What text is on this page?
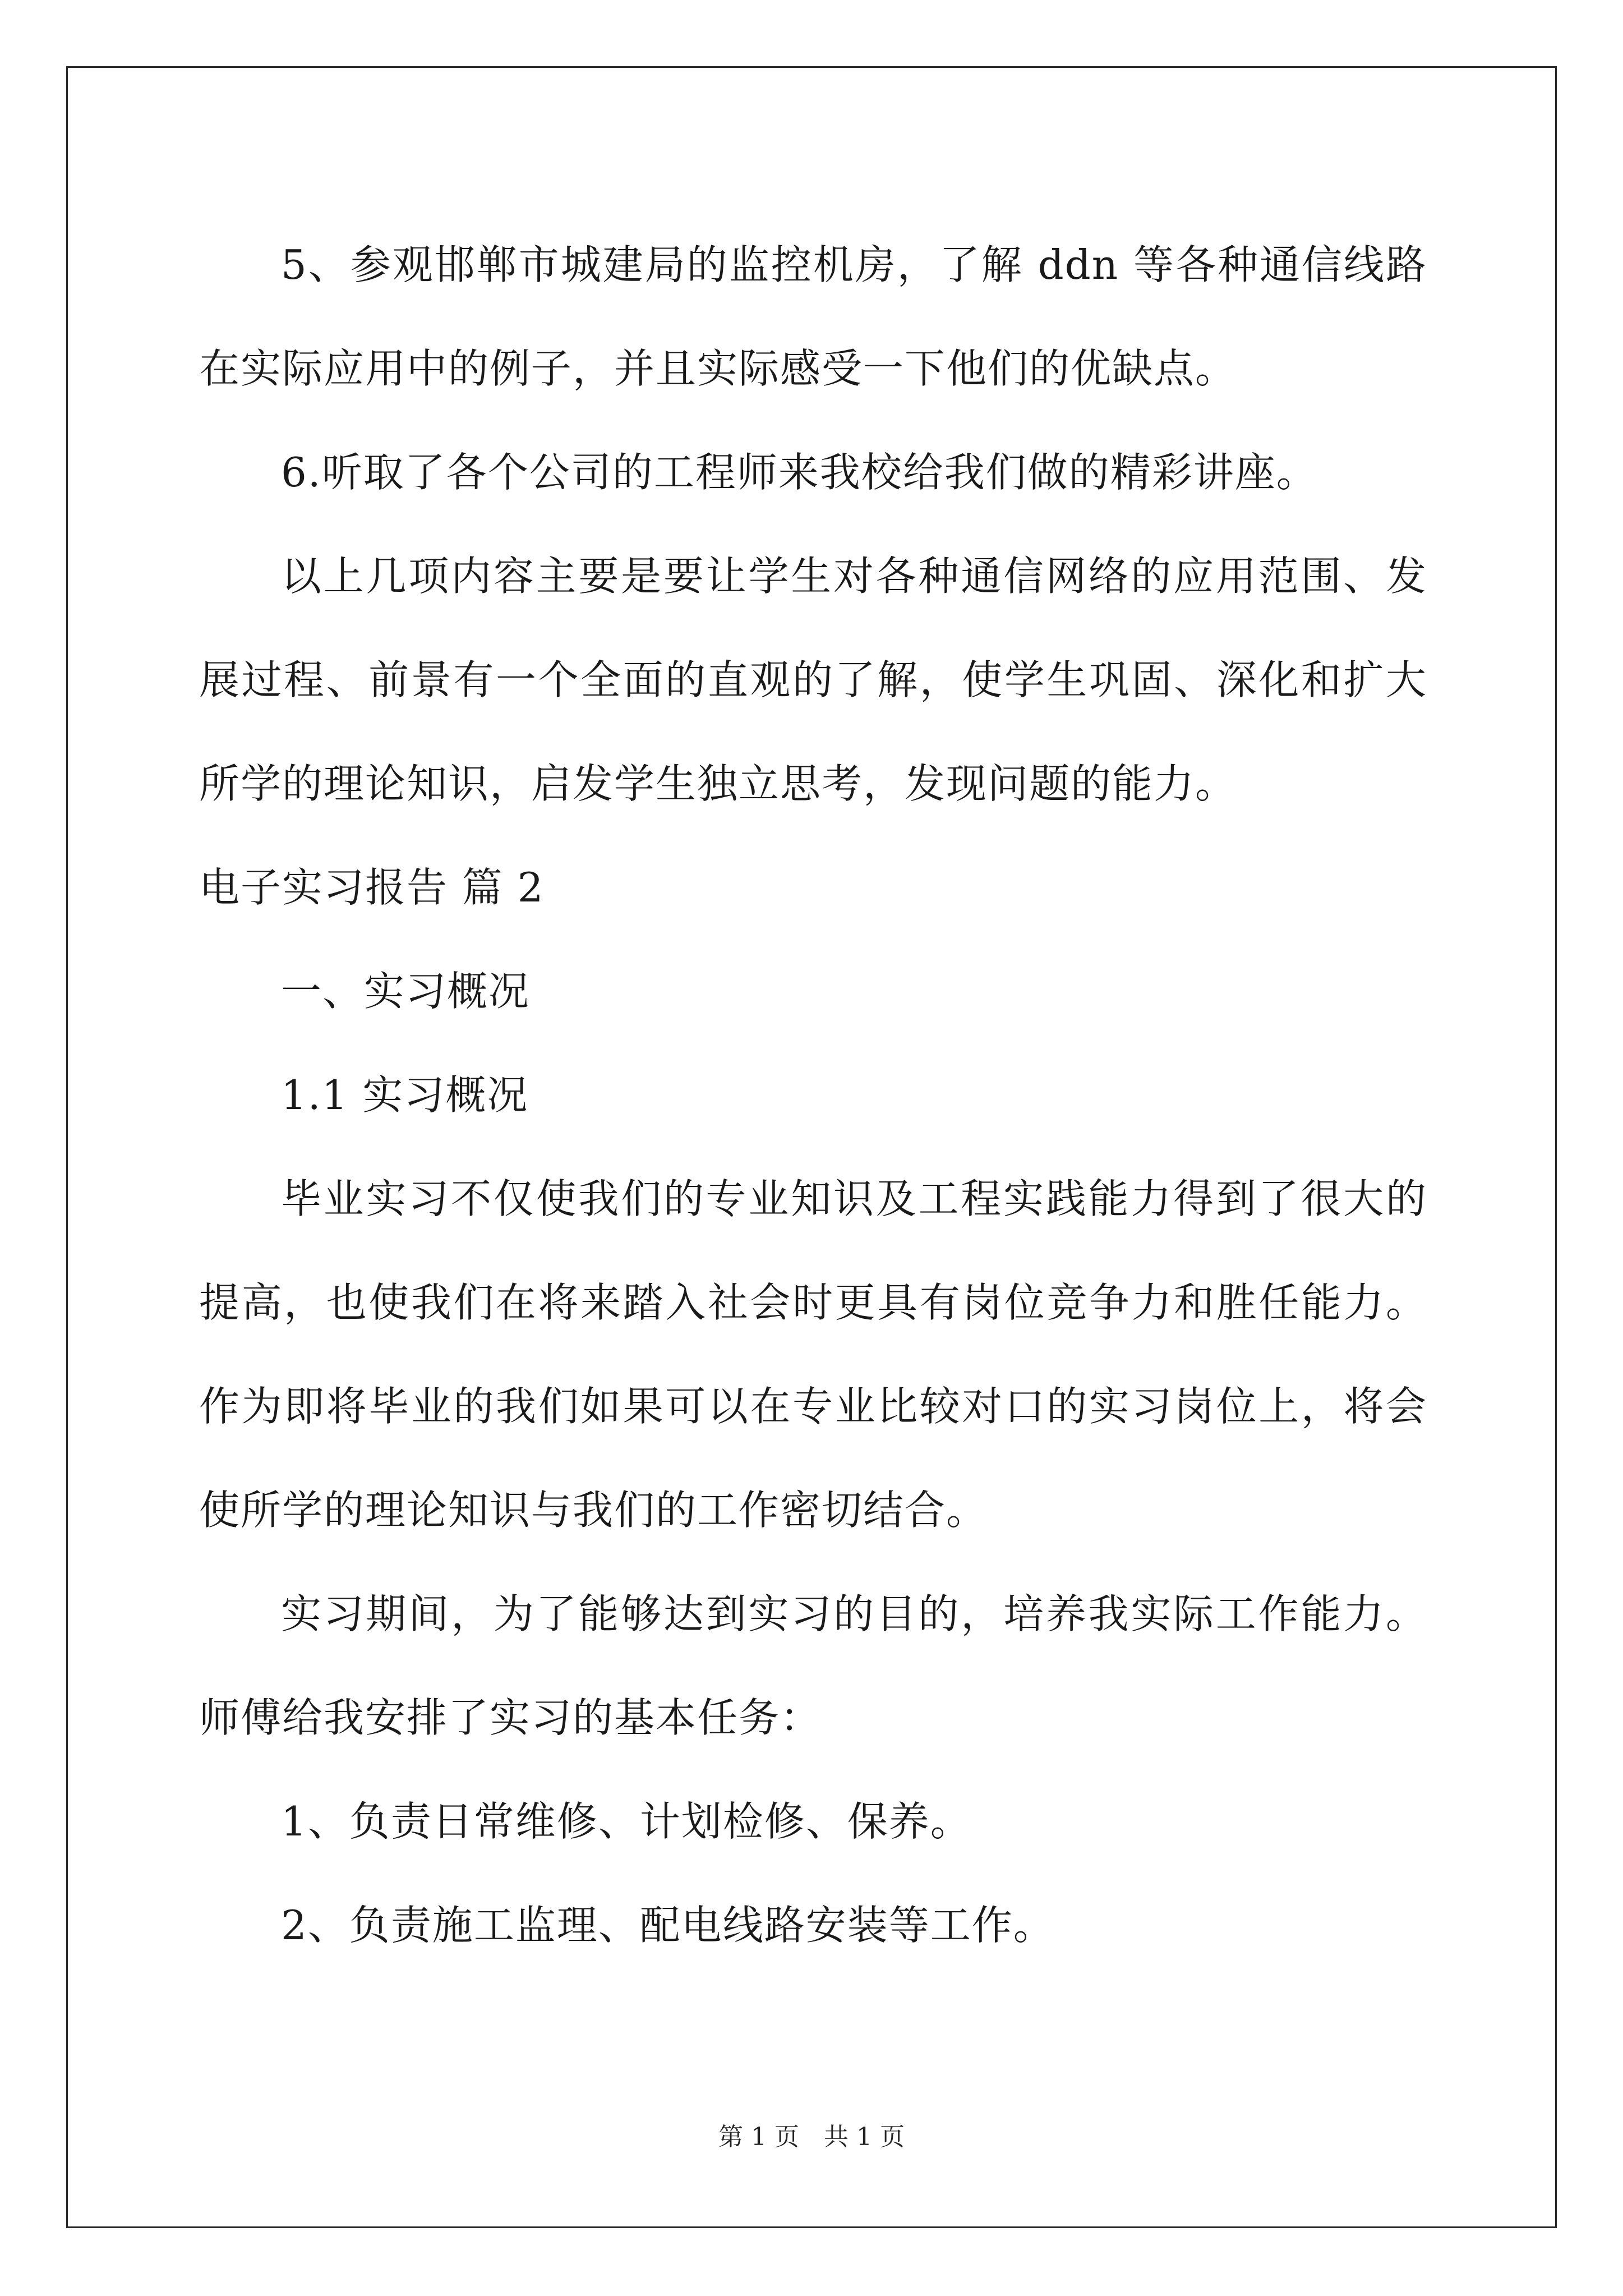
5、参观邯郸市城建局的监控机房，了解 ddn 等各种通信线路在实际应用中的例子，并且实际感受一下他们的优缺点。

6.听取了各个公司的工程师来我校给我们做的精彩讲座。

以上几项内容主要是要让学生对各种通信网络的应用范围、发展过程、前景有一个全面的直观的了解，使学生巩固、深化和扩大所学的理论知识，启发学生独立思考，发现问题的能力。

电子实习报告 篇 2

一、实习概况

1.1 实习概况

毕业实习不仅使我们的专业知识及工程实践能力得到了很大的提高，也使我们在将来踏入社会时更具有岗位竞争力和胜任能力。作为即将毕业的我们如果可以在专业比较对口的实习岗位上，将会使所学的理论知识与我们的工作密切结合。

实习期间，为了能够达到实习的目的，培养我实际工作能力。师傅给我安排了实习的基本任务：

1、负责日常维修、计划检修、保养。

2、负责施工监理、配电线路安装等工作。

第 1 页　共 1 页
